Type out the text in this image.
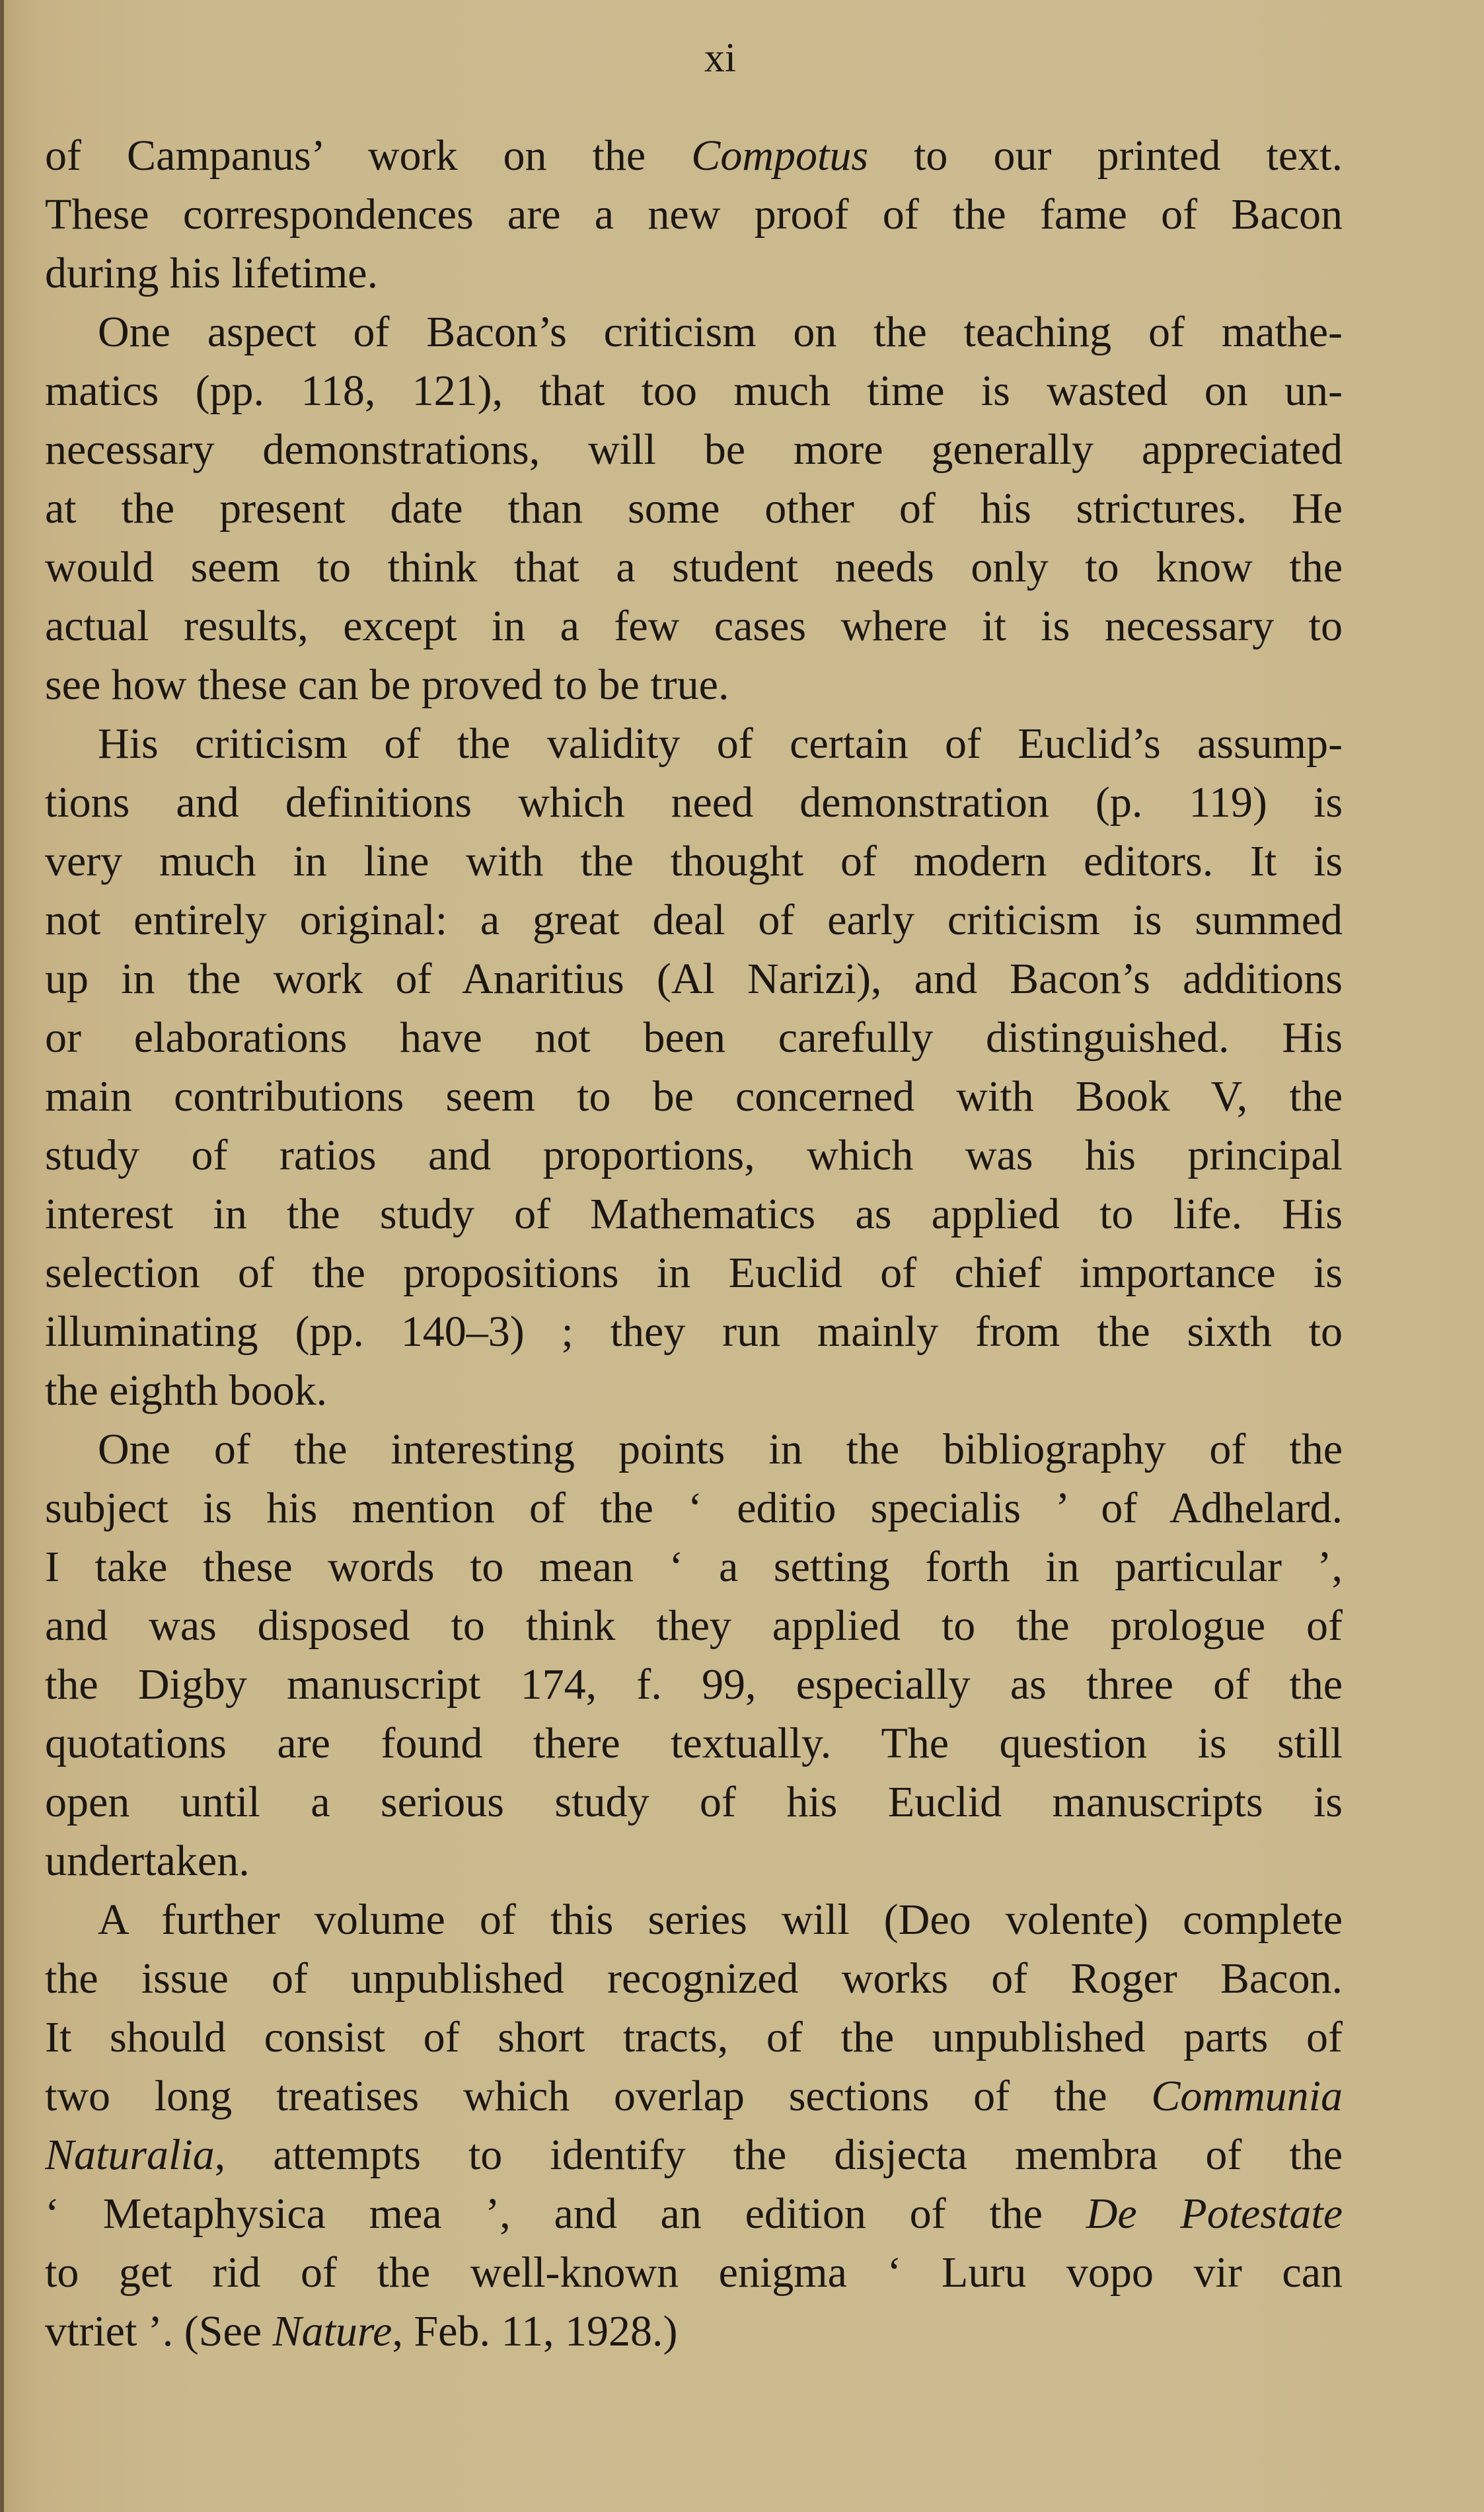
xi
of Campanus’ work on the Compotus to our printed text.
These correspondences are a new proof of the fame of Bacon
during his lifetime.
One aspect of Bacon’s criticism on the teaching of mathe-
matics (pp. 118, 121), that too much time is wasted on un-
necessary demonstrations, will be more generally appreciated
at the present date than some other of his strictures. He
would seem to think that a student needs only to know the
actual results, except in a few cases where it is necessary to
see how these can be proved to be true.
His criticism of the validity of certain of Euclid’s assump-
tions and definitions which need demonstration (p. 119) is
very much in line with the thought of modern editors. It is
not entirely original: a great deal of early criticism is summed
up in the work of Anaritius (Al Narizi), and Bacon’s additions
or elaborations have not been carefully distinguished. His
main contributions seem to be concerned with Book V, the
study of ratios and proportions, which was his principal
interest in the study of Mathematics as applied to life. His
selection of the propositions in Euclid of chief importance is
illuminating (pp. 140–3) ; they run mainly from the sixth to
the eighth book.
One of the interesting points in the bibliography of the
subject is his mention of the ‘ editio specialis ’ of Adhelard.
I take these words to mean ‘ a setting forth in particular ’,
and was disposed to think they applied to the prologue of
the Digby manuscript 174, f. 99, especially as three of the
quotations are found there textually. The question is still
open until a serious study of his Euclid manuscripts is
undertaken.
A further volume of this series will (Deo volente) complete
the issue of unpublished recognized works of Roger Bacon.
It should consist of short tracts, of the unpublished parts of
two long treatises which overlap sections of the Communia
Naturalia, attempts to identify the disjecta membra of the
‘ Metaphysica mea ’, and an edition of the De Potestate
to get rid of the well-known enigma ‘ Luru vopo vir can
vtriet ’. (See Nature, Feb. 11, 1928.)
